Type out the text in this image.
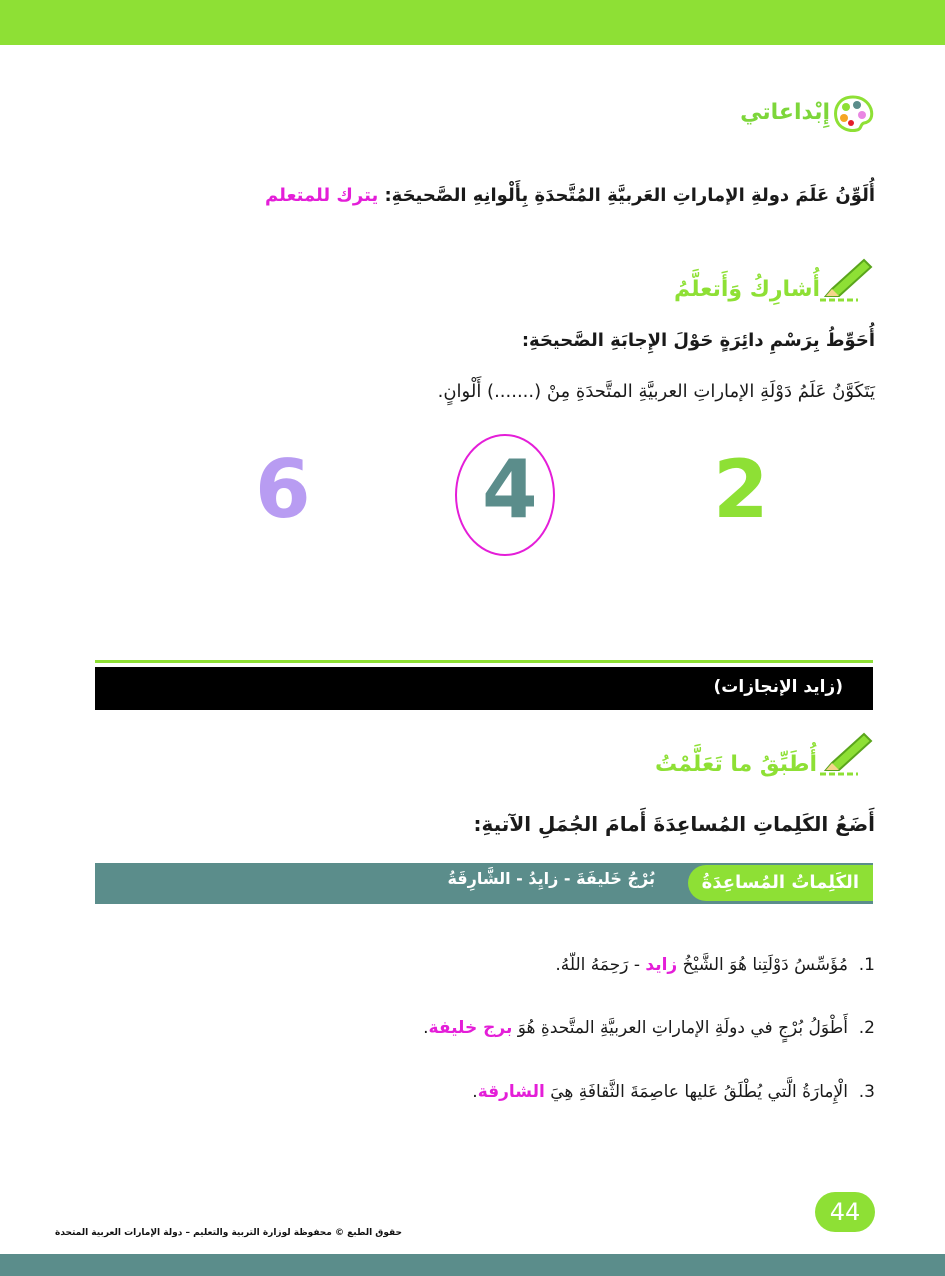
إِبْداعاتي
أُلَوِّنُ عَلَمَ دولةِ الإماراتِ العَربيَّةِ المُتَّحدَةِ بِأَلْوانِهِ الصَّحيحَةِ: يترك للمتعلم
أُشارِكُ وَأَتعلَّمُ
أُحَوِّطُ بِرَسْمِ دائِرَةٍ حَوْلَ الإِجابَةِ الصَّحيحَةِ:
يَتَكَوَّنُ عَلَمُ دَوْلَةِ الإماراتِ العربيَّةِ المتَّحدَةِ مِنْ (.......) أَلْوانٍ.
6 4 2
(زايد الإنجازات)
أُطَبِّقُ ما تَعَلَّمْتُ
أَضَعُ الكَلِماتِ المُساعِدَةَ أَمامَ الجُمَلِ الآتيةِ:
الكَلِماتُ المُساعِدَةُ
بُرْجُ خَليفَةَ - زايِدُ - الشَّارِقَةُ
1.  مُؤَسِّسُ دَوْلَتِنا هُوَ الشَّيْخُ زايد - رَحِمَهُ اللّهُ.
2.  أَطْوَلُ بُرْجٍ في دولَةِ الإماراتِ العربيَّةِ المتَّحدةِ هُوَ برج خليفة.
3.  الْإِمارَةُ الَّتي يُطْلَقُ عَليها عاصِمَةَ الثَّقافَةِ هِيَ الشارقة.
44
حقوق الطبع © محفوظة لوزارة التربية والتعليم – دولة الإمارات العربية المتحدة
